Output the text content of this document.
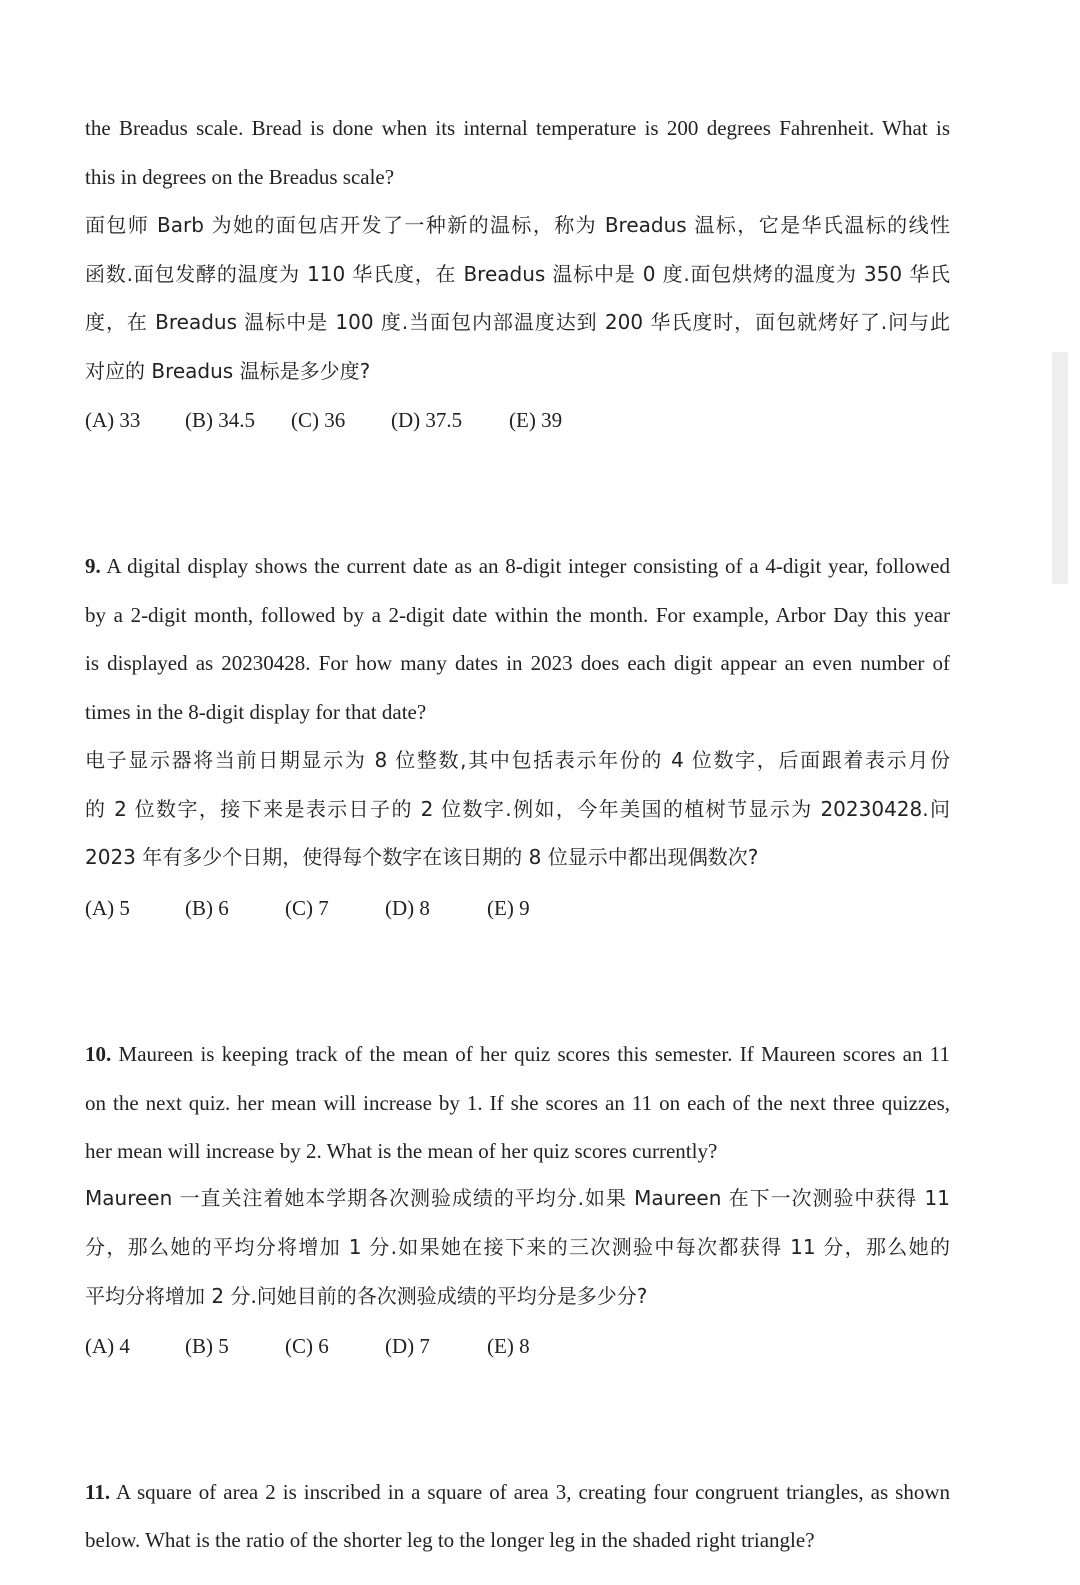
the Breadus scale. Bread is done when its internal temperature is 200 degrees Fahrenheit. What is
this in degrees on the Breadus scale?
面包师 Barb 为她的面包店开发了一种新的温标，称为 Breadus 温标，它是华氏温标的线性
函数.面包发酵的温度为 110 华氏度，在 Breadus 温标中是 0 度.面包烘烤的温度为 350 华氏
度，在 Breadus 温标中是 100 度.当面包内部温度达到 200 华氏度时，面包就烤好了.问与此
对应的 Breadus 温标是多少度?
(A) 33 (B) 34.5 (C) 36 (D) 37.5 (E) 39
9. A digital display shows the current date as an 8-digit integer consisting of a 4-digit year, followed
by a 2-digit month, followed by a 2-digit date within the month. For example, Arbor Day this year
is displayed as 20230428. For how many dates in 2023 does each digit appear an even number of
times in the 8-digit display for that date?
电子显示器将当前日期显示为 8 位整数,其中包括表示年份的 4 位数字，后面跟着表示月份
的 2 位数字，接下来是表示日子的 2 位数字.例如，今年美国的植树节显示为 20230428.问
2023 年有多少个日期，使得每个数字在该日期的 8 位显示中都出现偶数次?
(A) 5	(B) 6	(C) 7	(D) 8	(E) 9
10. Maureen is keeping track of the mean of her quiz scores this semester. If Maureen scores an 11
on the next quiz. her mean will increase by 1. If she scores an 11 on each of the next three quizzes,
her mean will increase by 2. What is the mean of her quiz scores currently?
Maureen 一直关注着她本学期各次测验成绩的平均分.如果 Maureen 在下一次测验中获得 11
分，那么她的平均分将增加 1 分.如果她在接下来的三次测验中每次都获得 11 分，那么她的
平均分将增加 2 分.问她目前的各次测验成绩的平均分是多少分?
(A) 4	(B) 5	(C) 6	(D) 7	(E) 8
11. A square of area 2 is inscribed in a square of area 3, creating four congruent triangles, as shown
below. What is the ratio of the shorter leg to the longer leg in the shaded right triangle?
